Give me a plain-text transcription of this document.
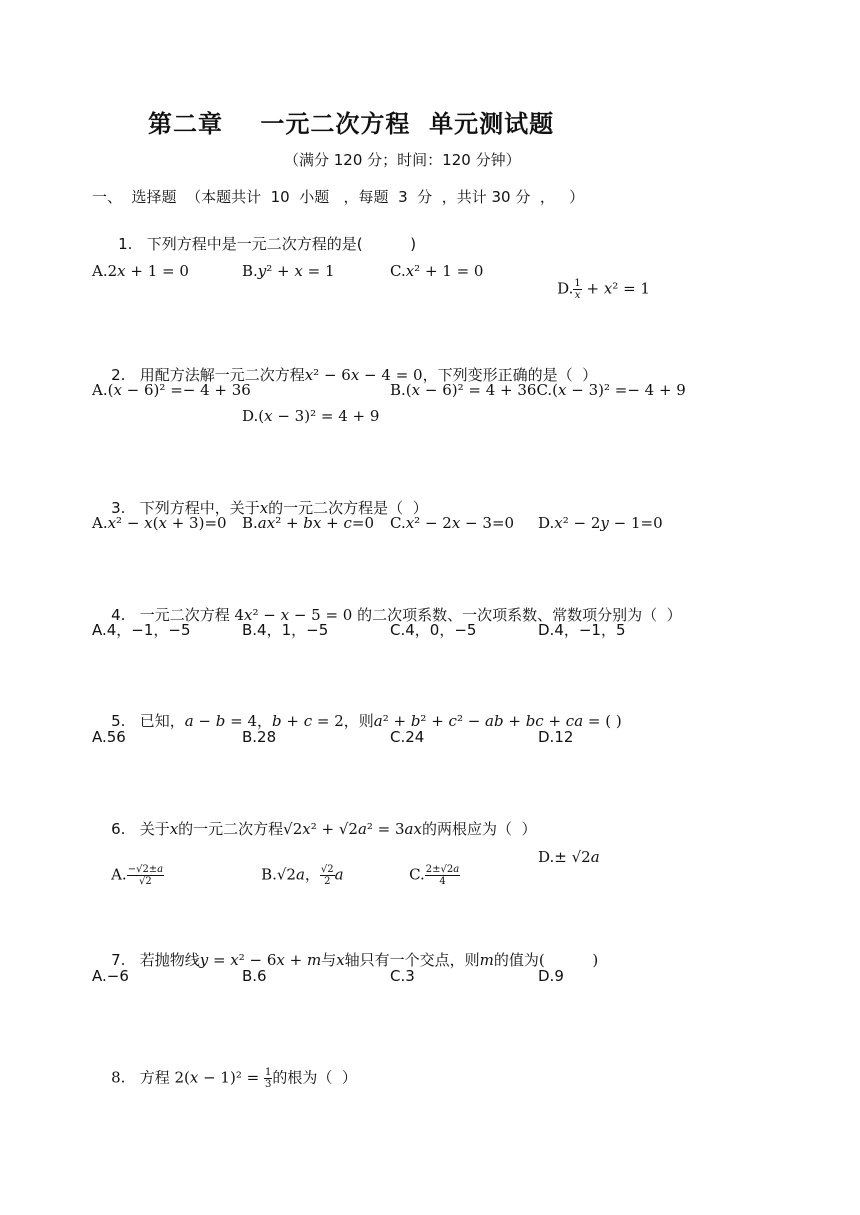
第二章    一元二次方程  单元测试题
（满分 120 分；时间：120 分钟）
一、  选择题  （本题共计  10  小题   ，每题  3  分  ，共计 30 分  ，   ）

1. 下列方程中是一元二次方程的是(          )

A.2𝑥 + 1 = 0	B.𝑦² + 𝑥 = 1	C.𝑥² + 1 = 0

D. $\frac{1}{\text{𝑥}}$ + 𝑥² = 1

2. 用配方法解一元二次方程𝑥² − 6𝑥 − 4 = 0，下列变形正确的是（  ）

A.(𝑥 − 6)² =− 4 + 36	B.(𝑥 − 6)² = 4 + 36C.(𝑥 − 3)² =− 4 + 9
D.(𝑥 − 3)² = 4 + 9

3. 下列方程中，关于𝑥的一元二次方程是（  ）

A.𝑥² − 𝑥(𝑥 + 3)=0 B.𝑎𝑥² + 𝑏𝑥 + 𝑐=0 C.𝑥² − 2𝑥 − 3=0 D.𝑥² − 2𝑦 − 1=0

4. 一元二次方程 4𝑥² − 𝑥 − 5 = 0 的二次项系数、一次项系数、常数项分别为（  ）

A.4，−1，−5	B.4，1，−5	C.4，0，−5	D.4，−1，5

5. 已知，𝑎 − 𝑏 = 4，𝑏 + 𝑐 = 2，则𝑎² + 𝑏² + 𝑐² − 𝑎𝑏 + 𝑏𝑐 + 𝑐𝑎 = ( )

A.56	B.28	C.24	D.12

6. 关于𝑥的一元二次方程√2𝑥² + √2𝑎² = 3𝑎𝑥的两根应为（  ）

A. $\frac{\text{−√2±𝑎}}{√2}$

	B.√2𝑎， $\frac{√2}{2}$ 𝑎
	C. $\frac{\text{2±√2𝑎}}{4}$

D.± √2𝑎

7. 若抛物线𝑦 = 𝑥² − 6𝑥 + 𝑚与𝑥轴只有一个交点，则𝑚的值为(          )

A.−6	B.6	C.3	D.9

8. 方程 2(𝑥 − $1)^2 = \frac{1}{3}$ 的根为（  ）
